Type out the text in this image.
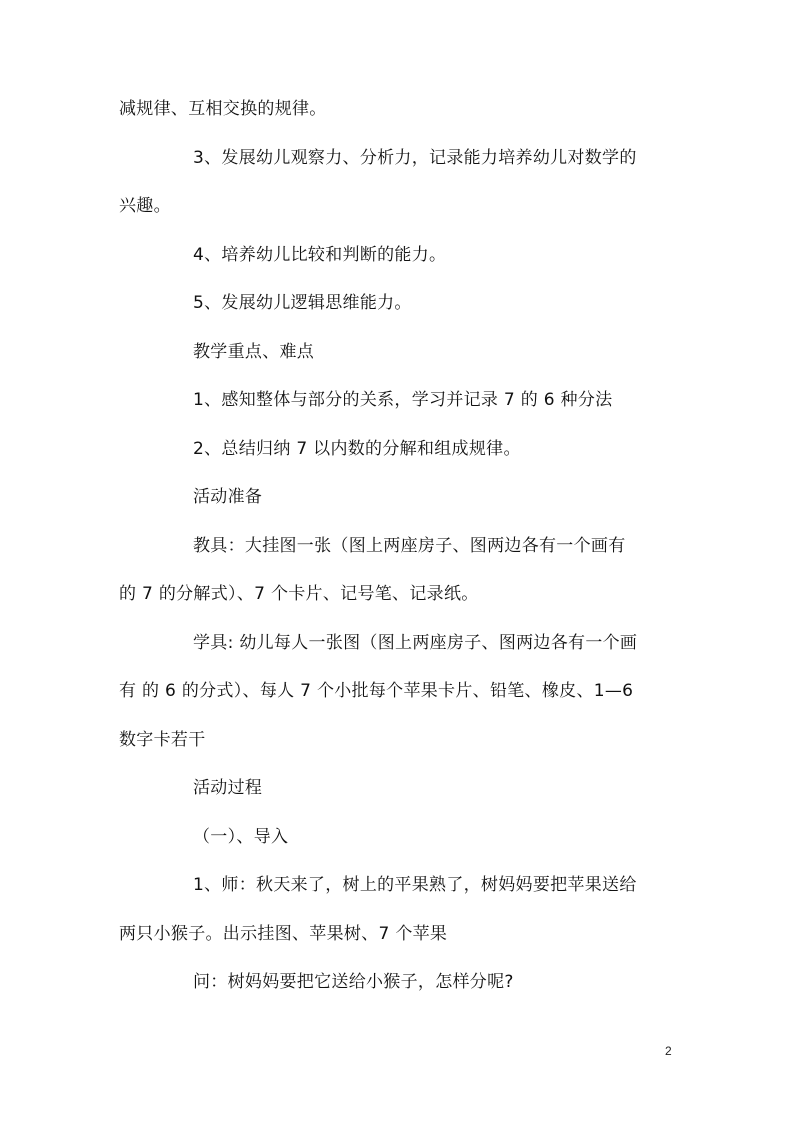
减规律、互相交换的规律。
3、发展幼儿观察力、分析力，记录能力培养幼儿对数学的
兴趣。
4、培养幼儿比较和判断的能力。
5、发展幼儿逻辑思维能力。
教学重点、难点
1、感知整体与部分的关系，学习并记录 7 的 6 种分法
2、总结归纳 7 以内数的分解和组成规律。
活动准备
教具：大挂图一张（图上两座房子、图两边各有一个画有
的 7 的分解式）、7 个卡片、记号笔、记录纸。
学具: 幼儿每人一张图（图上两座房子、图两边各有一个画
有 的 6 的分式）、每人 7 个小批每个苹果卡片、铅笔、橡皮、1—6
数字卡若干
活动过程
（一）、导入
1、师：秋天来了，树上的平果熟了，树妈妈要把苹果送给
两只小猴子。出示挂图、苹果树、7 个苹果
问：树妈妈要把它送给小猴子，怎样分呢?
2
